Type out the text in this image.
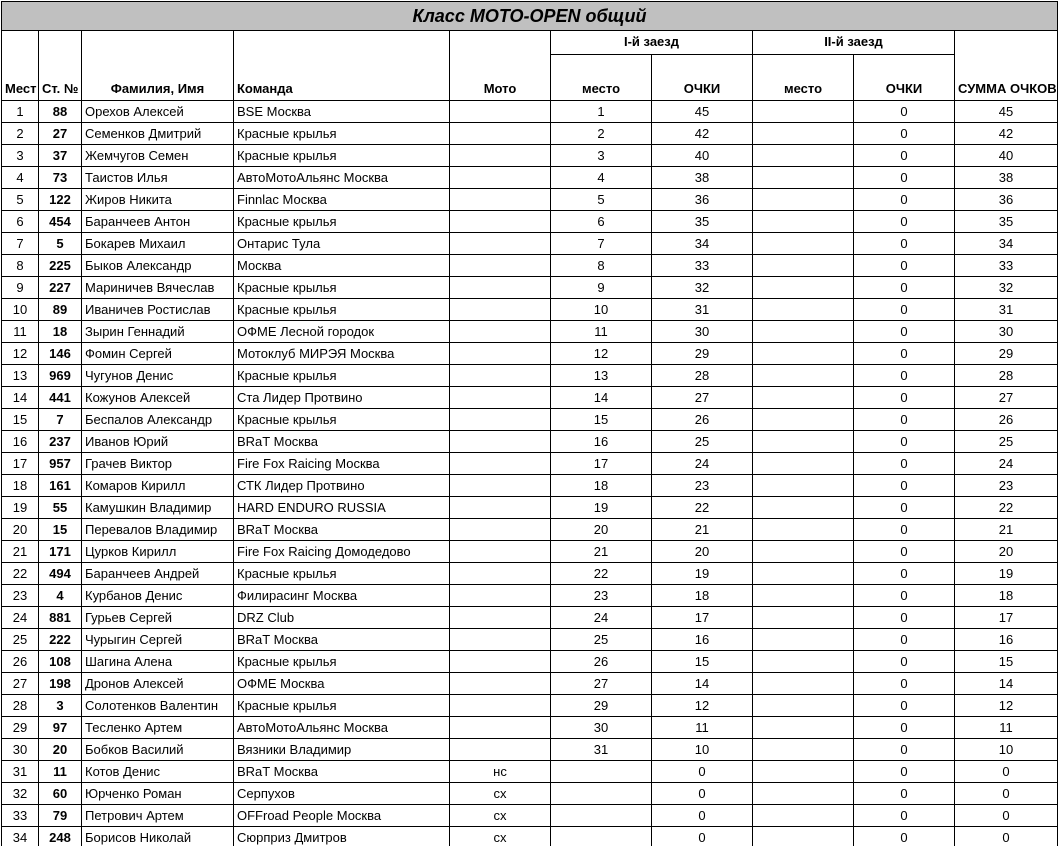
Класс MOTO-OPEN общий									
Мест	Ст. №	Фамилия, Имя	Команда	Мото	I-й заезд		II-й заезд		СУММА ОЧКОВ
					место	ОЧКИ	место	ОЧКИ	
1	88	Орехов Алексей	BSE Москва		1	45		0	45
2	27	Семенков Дмитрий	Красные крылья		2	42		0	42
3	37	Жемчугов Семен	Красные крылья		3	40		0	40
4	73	Таистов Илья	АвтоМотоАльянс Москва		4	38		0	38
5	122	Жиров Никита	Finnlac Москва		5	36		0	36
6	454	Баранчеев Антон	Красные крылья		6	35		0	35
7	5	Бокарев Михаил	Онтарис Тула		7	34		0	34
8	225	Быков Александр	Москва		8	33		0	33
9	227	Мариничев Вячеслав	Красные крылья		9	32		0	32
10	89	Иваничев Ростислав	Красные крылья		10	31		0	31
11	18	Зырин Геннадий	ОФМЕ Лесной городок		11	30		0	30
12	146	Фомин Сергей	Мотоклуб МИРЭЯ Москва		12	29		0	29
13	969	Чугунов Денис	Красные крылья		13	28		0	28
14	441	Кожунов Алексей	Ста Лидер Протвино		14	27		0	27
15	7	Беспалов Александр	Красные крылья		15	26		0	26
16	237	Иванов Юрий	BRaT Москва		16	25		0	25
17	957	Грачев Виктор	Fire Fox Raicing Москва		17	24		0	24
18	161	Комаров Кирилл	СТК Лидер Протвино		18	23		0	23
19	55	Камушкин Владимир	HARD ENDURO RUSSIA		19	22		0	22
20	15	Перевалов Владимир	BRaT Москва		20	21		0	21
21	171	Цурков Кирилл	Fire Fox Raicing Домодедово		21	20		0	20
22	494	Баранчеев Андрей	Красные крылья		22	19		0	19
23	4	Курбанов Денис	Филирасинг Москва		23	18		0	18
24	881	Гурьев Сергей	DRZ Club		24	17		0	17
25	222	Чурыгин Сергей	BRaT Москва		25	16		0	16
26	108	Шагина Алена	Красные крылья		26	15		0	15
27	198	Дронов Алексей	ОФМЕ Москва		27	14		0	14
28	3	Солотенков Валентин	Красные крылья		29	12		0	12
29	97	Тесленко Артем	АвтоМотоАльянс Москва		30	11		0	11
30	20	Бобков Василий	Вязники Владимир		31	10		0	10
31	11	Котов Денис	BRaT Москва	нс		0		0	0
32	60	Юрченко Роман	Серпухов	сх		0		0	0
33	79	Петрович Артем	OFFroad People Москва	сх		0		0	0
34	248	Борисов Николай	Сюрприз Дмитров	сх		0		0	0
